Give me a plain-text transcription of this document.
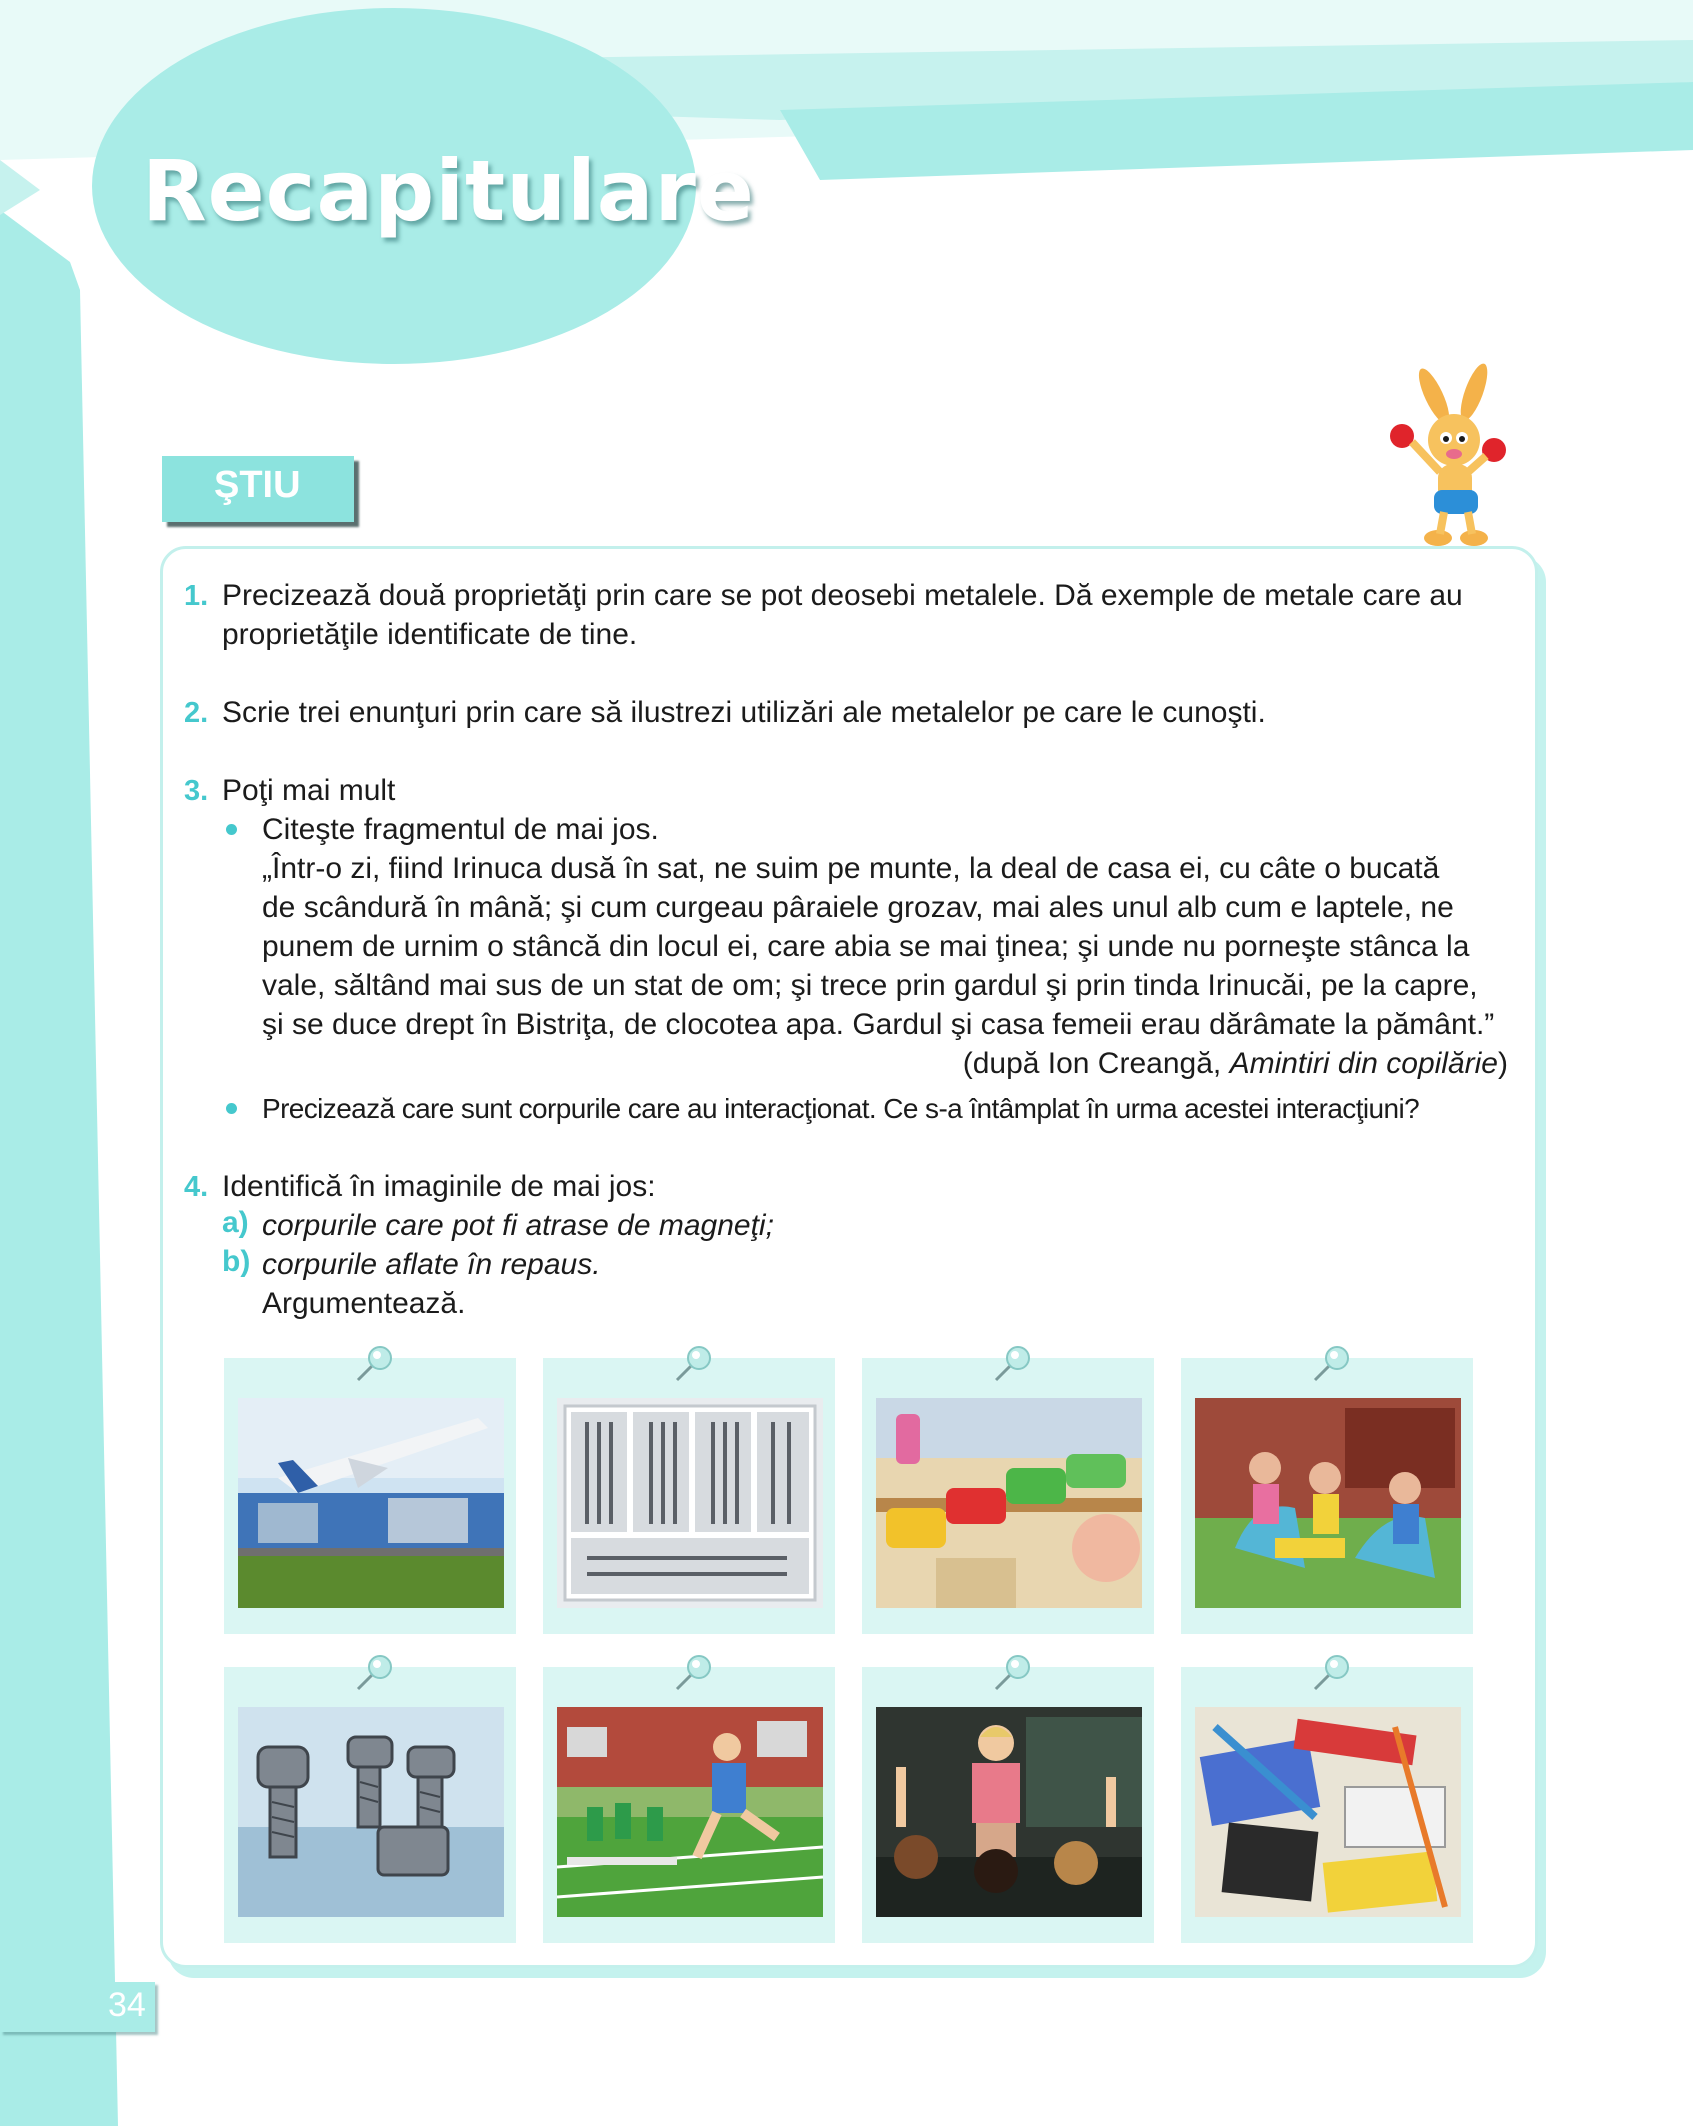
Recapitulare
ŞTIU
1. Precizează două proprietăţi prin care se pot deosebi metalele. Dă exemple de metale care au
proprietăţile identificate de tine.
2. Scrie trei enunţuri prin care să ilustrezi utilizări ale metalelor pe care le cunoşti.
3. Poţi mai mult
Citeşte fragmentul de mai jos.
„Într-o zi, fiind Irinuca dusă în sat, ne suim pe munte, la deal de casa ei, cu câte o bucată
de scândură în mână; şi cum curgeau pâraiele grozav, mai ales unul alb cum e laptele, ne
punem de urnim o stâncă din locul ei, care abia se mai ţinea; şi unde nu porneşte stânca la
vale, săltând mai sus de un stat de om; şi trece prin gardul şi prin tinda Irinucăi, pe la capre,
şi se duce drept în Bistriţa, de clocotea apa. Gardul şi casa femeii erau dărâmate la pământ.”
(după Ion Creangă, Amintiri din copilărie)
Precizează care sunt corpurile care au interacţionat. Ce s-a întâmplat în urma acestei interacţiuni?
4. Identifică în imaginile de mai jos:
a) corpurile care pot fi atrase de magneţi;
b) corpurile aflate în repaus.
Argumentează.
34
